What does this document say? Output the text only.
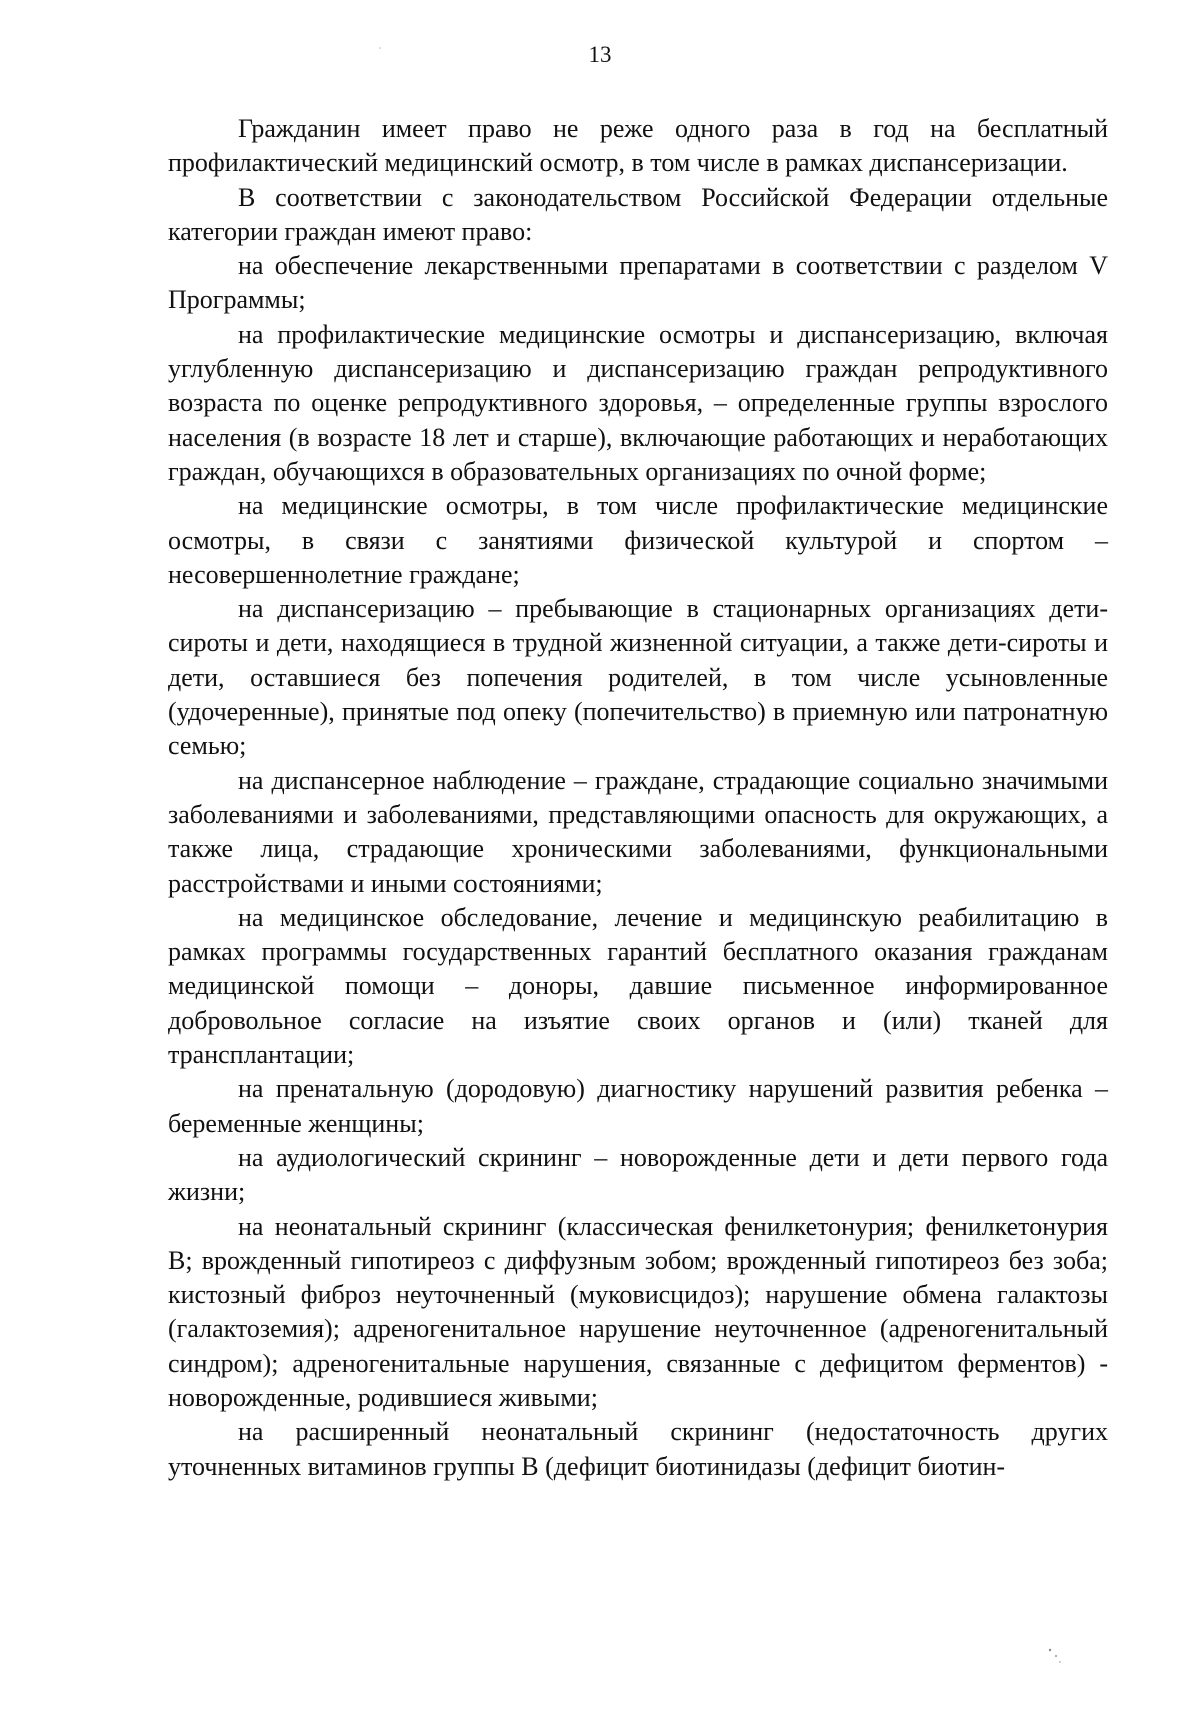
13

Гражданин имеет право не реже одного раза в год на бесплатный профилактический медицинский осмотр, в том числе в рамках диспансеризации.

В соответствии с законодательством Российской Федерации отдельные категории граждан имеют право:

на обеспечение лекарственными препаратами в соответствии с разделом V Программы;

на профилактические медицинские осмотры и диспансеризацию, включая углубленную диспансеризацию и диспансеризацию граждан репродуктивного возраста по оценке репродуктивного здоровья, – определенные группы взрослого населения (в возрасте 18 лет и старше), включающие работающих и неработающих граждан, обучающихся в образовательных организациях по очной форме;

на медицинские осмотры, в том числе профилактические медицинские осмотры, в связи с занятиями физической культурой и спортом – несовершеннолетние граждане;

на диспансеризацию – пребывающие в стационарных организациях дети-сироты и дети, находящиеся в трудной жизненной ситуации, а также дети-сироты и дети, оставшиеся без попечения родителей, в том числе усыновленные (удочеренные), принятые под опеку (попечительство) в приемную или патронатную семью;

на диспансерное наблюдение – граждане, страдающие социально значимыми заболеваниями и заболеваниями, представляющими опасность для окружающих, а также лица, страдающие хроническими заболеваниями, функциональными расстройствами и иными состояниями;

на медицинское обследование, лечение и медицинскую реабилитацию в рамках программы государственных гарантий бесплатного оказания гражданам медицинской помощи – доноры, давшие письменное информированное добровольное согласие на изъятие своих органов и (или) тканей для трансплантации;

на пренатальную (дородовую) диагностику нарушений развития ребенка – беременные женщины;

на аудиологический скрининг – новорожденные дети и дети первого года жизни;

на неонатальный скрининг (классическая фенилкетонурия; фенилкетонурия В; врожденный гипотиреоз с диффузным зобом; врожденный гипотиреоз без зоба; кистозный фиброз неуточненный (муковисцидоз); нарушение обмена галактозы (галактоземия); адреногенитальное нарушение неуточненное (адреногенитальный синдром); адреногенитальные нарушения, связанные с дефицитом ферментов) - новорожденные, родившиеся живыми;

на расширенный неонатальный скрининг (недостаточность других уточненных витаминов группы В (дефицит биотинидазы (дефицит биотин-
